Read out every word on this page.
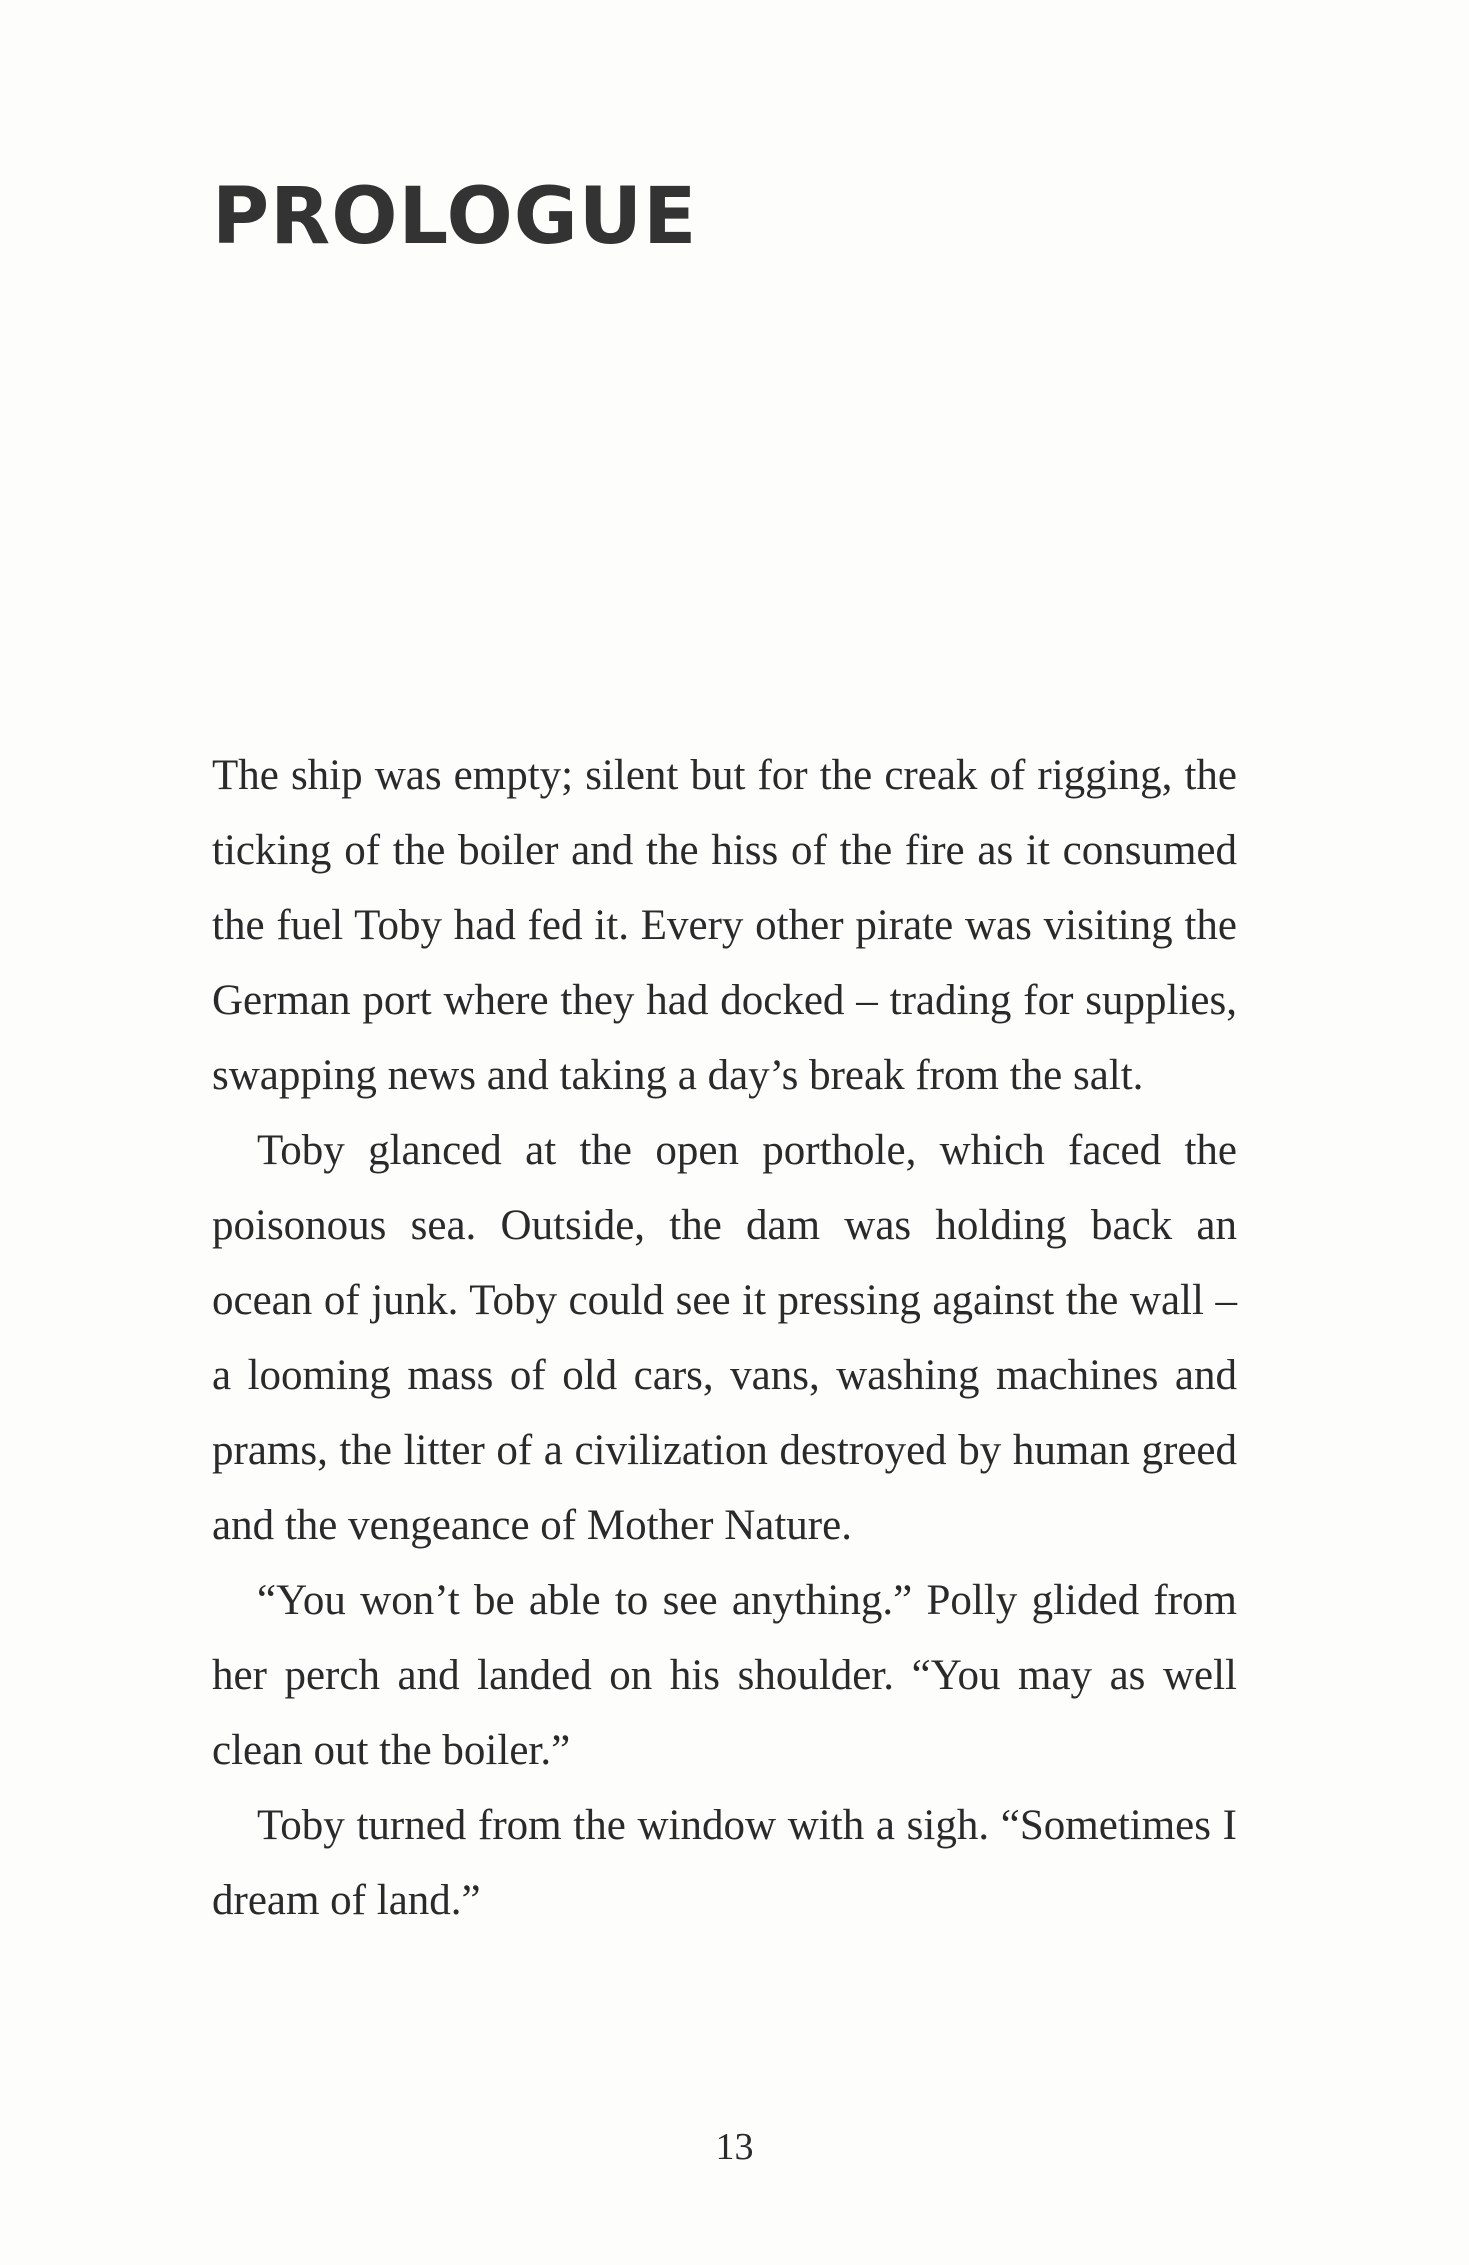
PROLOGUE

The ship was empty; silent but for the creak of rigging, the ticking of the boiler and the hiss of the fire as it consumed the fuel Toby had fed it. Every other pirate was visiting the German port where they had docked – trading for supplies, swapping news and taking a day’s break from the salt.

Toby glanced at the open porthole, which faced the poisonous sea. Outside, the dam was holding back an ocean of junk. Toby could see it pressing against the wall – a looming mass of old cars, vans, washing machines and prams, the litter of a civilization destroyed by human greed and the vengeance of Mother Nature.

“You won’t be able to see anything.” Polly glided from her perch and landed on his shoulder. “You may as well clean out the boiler.”

Toby turned from the window with a sigh. “Sometimes I dream of land.”

13
